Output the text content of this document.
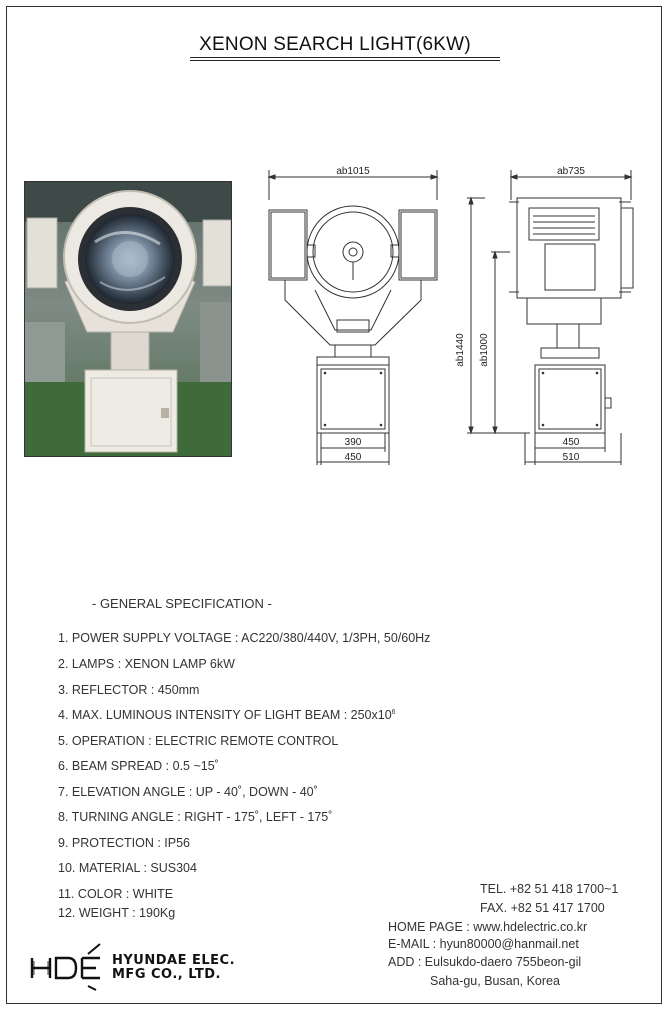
XENON SEARCH LIGHT(6KW)
ab1015	ab735
390
450
450
510
ab1440 ab1000
- GENERAL SPECIFICATION -
1. POWER SUPPLY VOLTAGE : AC220/380/440V, 1/3PH, 50/60Hz
2. LAMPS : XENON LAMP 6kW
3. REFLECTOR : 450mm
4. MAX. LUMINOUS INTENSITY OF LIGHT BEAM : $250x10^6$
5. OPERATION : ELECTRIC REMOTE CONTROL
6. BEAM SPREAD : 0.5 ~15˚
7. ELEVATION ANGLE : UP - 40˚, DOWN - 40˚
8. TURNING ANGLE : RIGHT - 175˚, LEFT - 175˚
9. PROTECTION : IP56
10. MATERIAL : SUS304
11. COLOR : WHITE
12. WEIGHT : 190Kg
TEL. +82 51 418 1700~1
FAX. +82 51 417 1700
HOME PAGE : www.hdelectric.co.kr
E-MAIL : hyun80000@hanmail.net
ADD : Eulsukdo-daero 755beon-gil
Saha-gu, Busan, Korea
HYUNDAE ELEC.
MFG CO., LTD.
